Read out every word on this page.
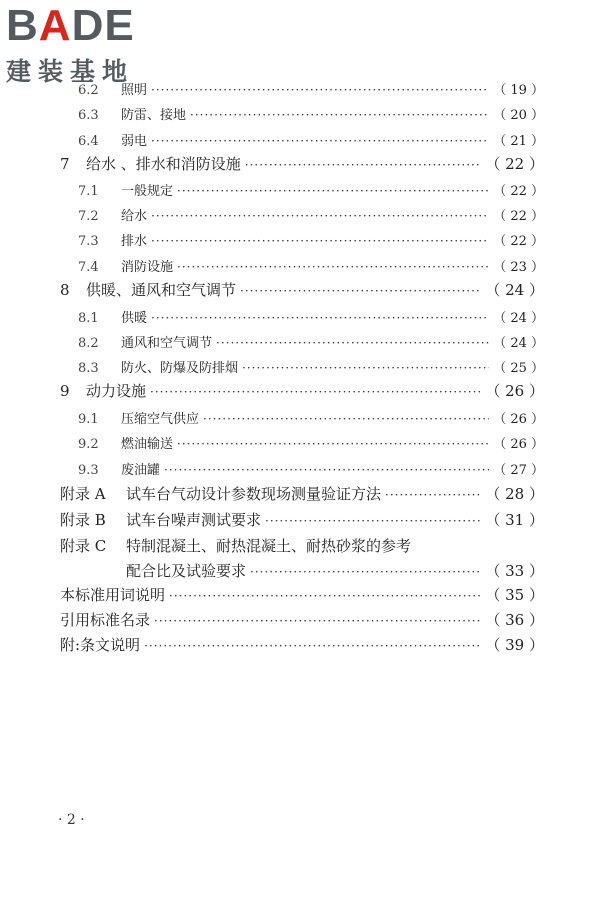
BADE
建装基地
6.2	照明 ·····	（ 19 ）
6.3	防雷、接地 ·····	（ 20 ）
6.4	弱电 ·····	（ 21 ）
7	给水 、排水和消防设施 ·····	（ 22 ）
7.1	一般规定 ·····	（ 22 ）
7.2	给水 ·····	（ 22 ）
7.3	排水 ·····	（ 22 ）
7.4	消防设施 ·····	（ 23 ）
8	供暖、通风和空气调节 ·····	（ 24 ）
8.1	供暖 ·····	（ 24 ）
8.2	通风和空气调节 ·····	（ 24 ）
8.3	防火、防爆及防排烟 ·····	（ 25 ）
9	动力设施 ·····	（ 26 ）
9.1	压缩空气供应 ·····	（ 26 ）
9.2	燃油输送 ·····	（ 26 ）
9.3	废油罐 ·····	（ 27 ）
附录 A	试车台气动设计参数现场测量验证方法 ·····	（ 28 ）
附录 B	试车台噪声测试要求 ·····	（ 31 ）
附录 C	特制混凝土、耐热混凝土、耐热砂浆的参考
配合比及试验要求 ·····	（ 33 ）
本标准用词说明 ·····	（ 35 ）
引用标准名录 ·····	（ 36 ）
附:条文说明 ·····	（ 39 ）
· 2 ·
